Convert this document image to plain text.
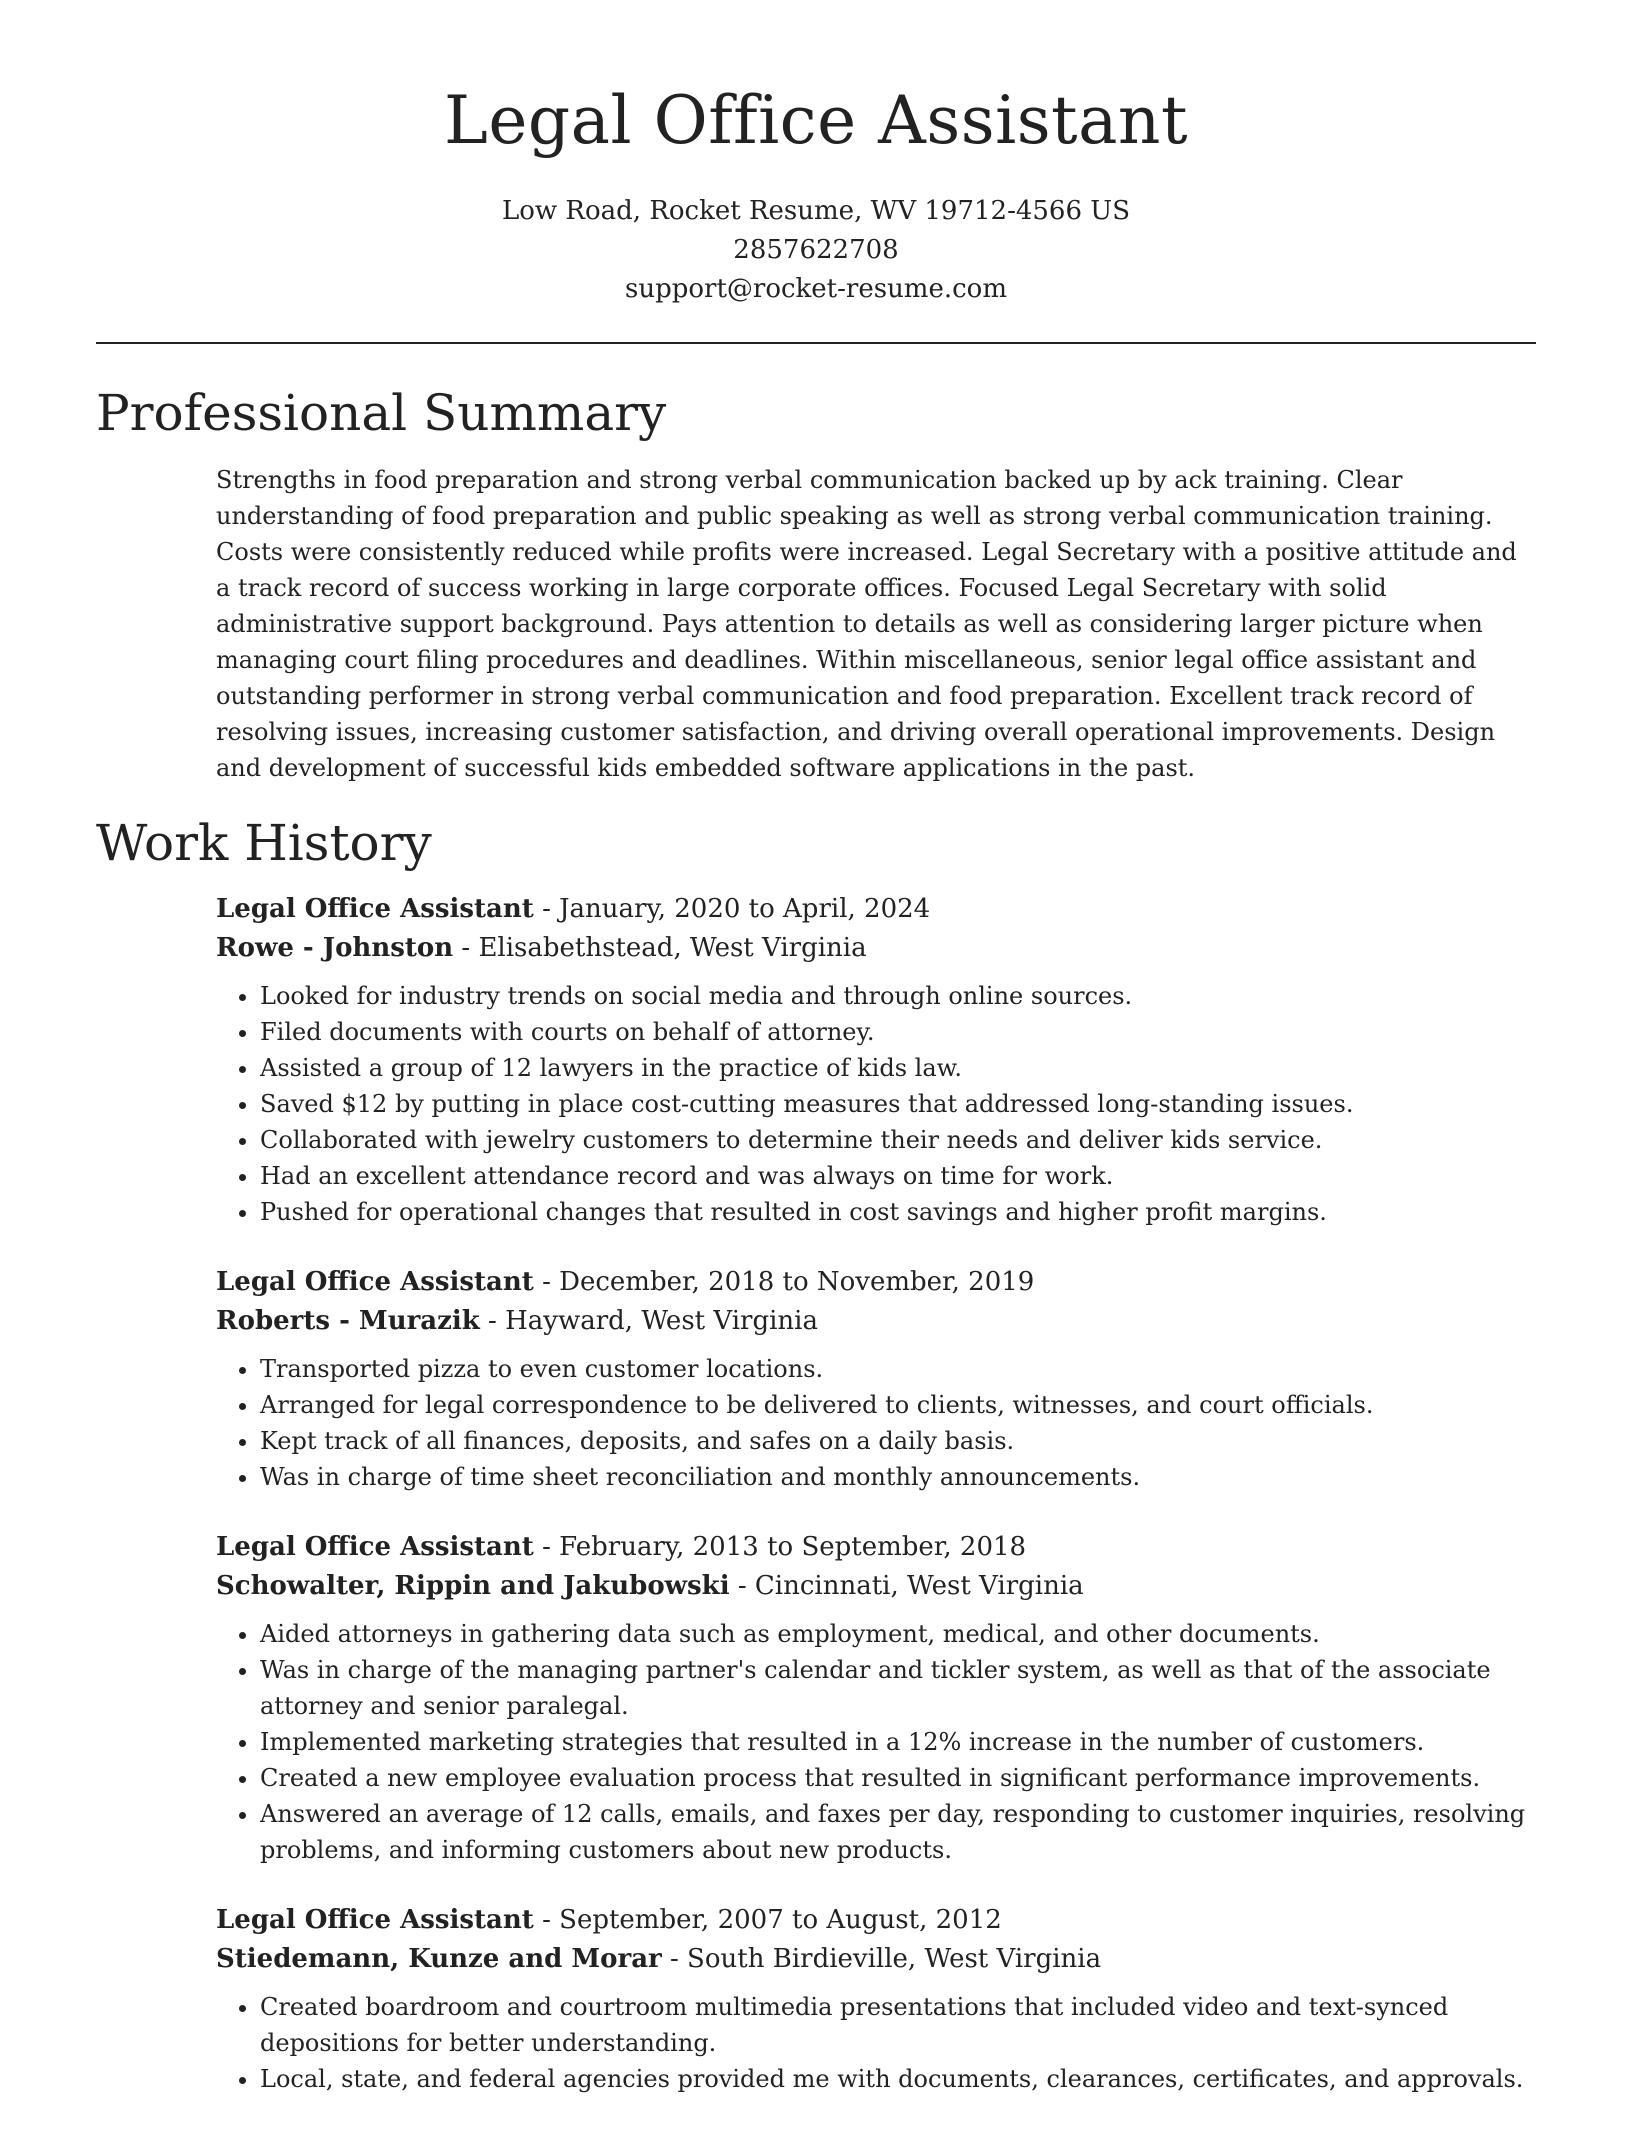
Legal Office Assistant
Low Road, Rocket Resume, WV 19712-4566 US
2857622708
support@rocket-resume.com
Professional Summary

Strengths in food preparation and strong verbal communication backed up by ack training. Clear understanding of food preparation and public speaking as well as strong verbal communication training. Costs were consistently reduced while profits were increased. Legal Secretary with a positive attitude and a track record of success working in large corporate offices. Focused Legal Secretary with solid administrative support background. Pays attention to details as well as considering larger picture when managing court filing procedures and deadlines. Within miscellaneous, senior legal office assistant and outstanding performer in strong verbal communication and food preparation. Excellent track record of resolving issues, increasing customer satisfaction, and driving overall operational improvements. Design and development of successful kids embedded software applications in the past.

Work History

Legal Office Assistant - January, 2020 to April, 2024

Rowe - Johnston - Elisabethstead, West Virginia

• Looked for industry trends on social media and through online sources.
• Filed documents with courts on behalf of attorney.
• Assisted a group of 12 lawyers in the practice of kids law.
• Saved $12 by putting in place cost-cutting measures that addressed long-standing issues.
• Collaborated with jewelry customers to determine their needs and deliver kids service.
• Had an excellent attendance record and was always on time for work.
• Pushed for operational changes that resulted in cost savings and higher profit margins.

Legal Office Assistant - December, 2018 to November, 2019

Roberts - Murazik - Hayward, West Virginia

• Transported pizza to even customer locations.
• Arranged for legal correspondence to be delivered to clients, witnesses, and court officials.
• Kept track of all finances, deposits, and safes on a daily basis.
• Was in charge of time sheet reconciliation and monthly announcements.

Legal Office Assistant - February, 2013 to September, 2018

Schowalter, Rippin and Jakubowski - Cincinnati, West Virginia

• Aided attorneys in gathering data such as employment, medical, and other documents.
• Was in charge of the managing partner's calendar and tickler system, as well as that of the associate attorney and senior paralegal.
• Implemented marketing strategies that resulted in a 12% increase in the number of customers.
• Created a new employee evaluation process that resulted in significant performance improvements.
• Answered an average of 12 calls, emails, and faxes per day, responding to customer inquiries, resolving problems, and informing customers about new products.

Legal Office Assistant - September, 2007 to August, 2012

Stiedemann, Kunze and Morar - South Birdieville, West Virginia

• Created boardroom and courtroom multimedia presentations that included video and text-synced depositions for better understanding.
• Local, state, and federal agencies provided me with documents, clearances, certificates, and approvals.
